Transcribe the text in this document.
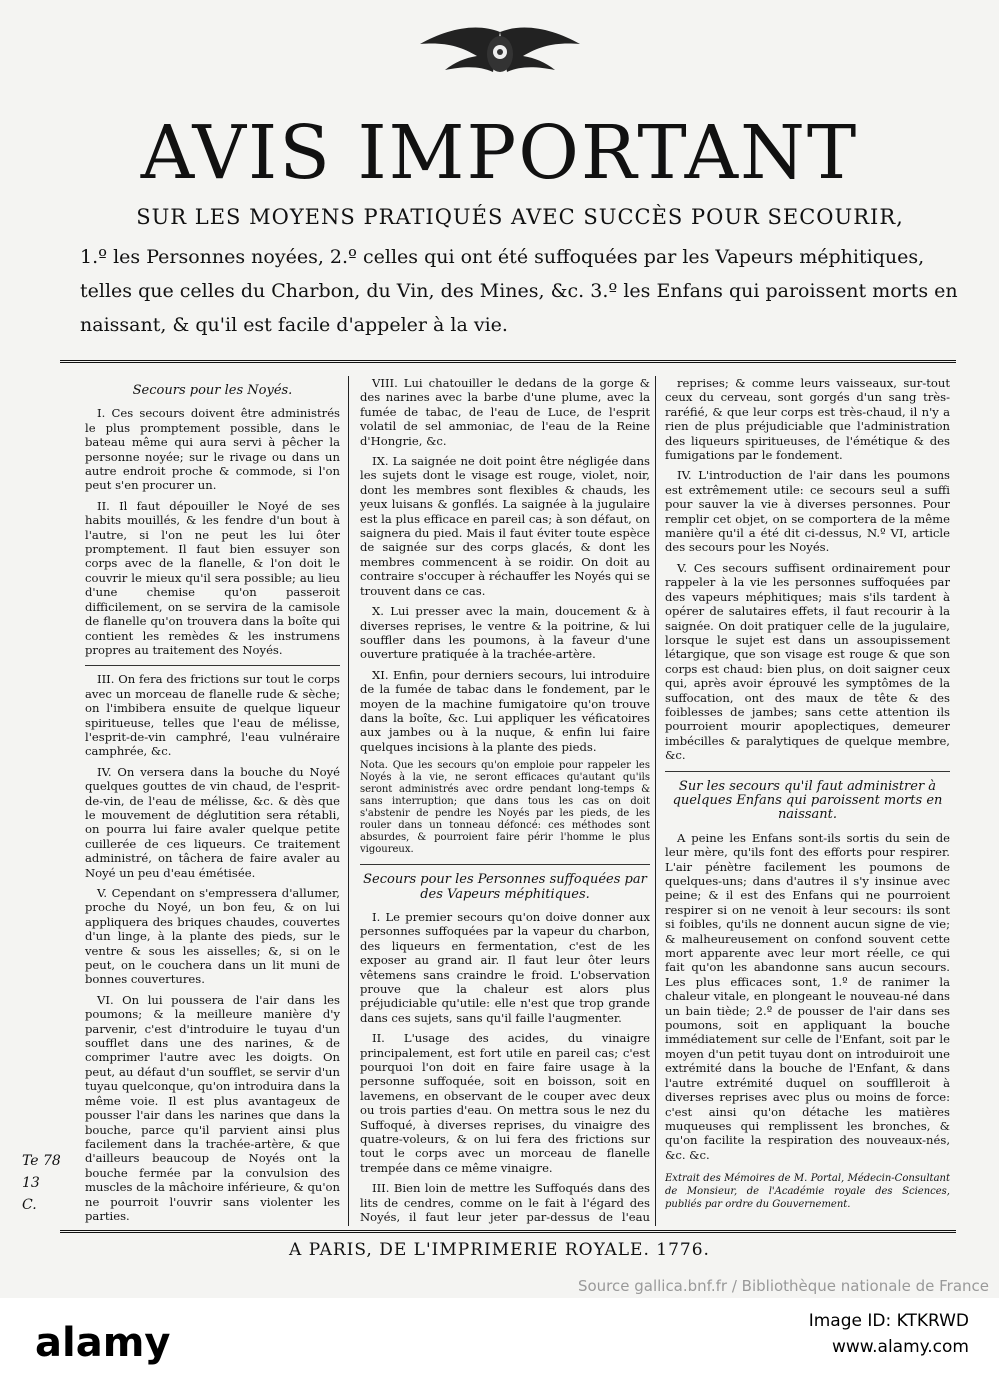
AVIS IMPORTANT
SUR LES MOYENS PRATIQUÉS AVEC SUCCÈS POUR SECOURIR,
1.º les Personnes noyées, 2.º celles qui ont été suffoquées par les Vapeurs méphitiques, telles que celles du Charbon, du Vin, des Mines, &c. 3.º les Enfans qui paroissent morts en naissant, & qu'il est facile d'appeler à la vie.
Secours pour les Noyés.

I. Ces secours doivent être administrés le plus promptement possible, dans le bateau même qui aura servi à pêcher la personne noyée; sur le rivage ou dans un autre endroit proche & commode, si l'on peut s'en procurer un.

II. Il faut dépouiller le Noyé de ses habits mouillés, & les fendre d'un bout à l'autre, si l'on ne peut les lui ôter promptement. Il faut bien essuyer son corps avec de la flanelle, & l'on doit le couvrir le mieux qu'il sera possible; au lieu d'une chemise qu'on passeroit difficilement, on se servira de la camisole de flanelle qu'on trouvera dans la boîte qui contient les remèdes & les instrumens propres au traitement des Noyés.

III. On fera des frictions sur tout le corps avec un morceau de flanelle rude & sèche; on l'imbibera ensuite de quelque liqueur spiritueuse, telles que l'eau de mélisse, l'esprit-de-vin camphré, l'eau vulnéraire camphrée, &c.

IV. On versera dans la bouche du Noyé quelques gouttes de vin chaud, de l'esprit-de-vin, de l'eau de mélisse, &c. & dès que le mouvement de déglutition sera rétabli, on pourra lui faire avaler quelque petite cuillerée de ces liqueurs. Ce traitement administré, on tâchera de faire avaler au Noyé un peu d'eau émétisée.

V. Cependant on s'empressera d'allumer, proche du Noyé, un bon feu, & on lui appliquera des briques chaudes, couvertes d'un linge, à la plante des pieds, sur le ventre & sous les aisselles; &, si on le peut, on le couchera dans un lit muni de bonnes couvertures.

VI. On lui poussera de l'air dans les poumons; & la meilleure manière d'y parvenir, c'est d'introduire le tuyau d'un soufflet dans une des narines, & de comprimer l'autre avec les doigts. On peut, au défaut d'un soufflet, se servir d'un tuyau quelconque, qu'on introduira dans la même voie. Il est plus avantageux de pousser l'air dans les narines que dans la bouche, parce qu'il parvient ainsi plus facilement dans la trachée-artère, & que d'ailleurs beaucoup de Noyés ont la bouche fermée par la convulsion des muscles de la mâchoire inférieure, & qu'on ne pourroit l'ouvrir sans violenter les parties.

VIII. Lui chatouiller le dedans de la gorge & des narines avec la barbe d'une plume, avec la fumée de tabac, de l'eau de Luce, de l'esprit volatil de sel ammoniac, de l'eau de la Reine d'Hongrie, &c.

IX. La saignée ne doit point être négligée dans les sujets dont le visage est rouge, violet, noir, dont les membres sont flexibles & chauds, les yeux luisans & gonflés. La saignée à la jugulaire est la plus efficace en pareil cas; à son défaut, on saignera du pied. Mais il faut éviter toute espèce de saignée sur des corps glacés, & dont les membres commencent à se roidir. On doit au contraire s'occuper à réchauffer les Noyés qui se trouvent dans ce cas.

X. Lui presser avec la main, doucement & à diverses reprises, le ventre & la poitrine, & lui souffler dans les poumons, à la faveur d'une ouverture pratiquée à la trachée-artère.

XI. Enfin, pour derniers secours, lui introduire de la fumée de tabac dans le fondement, par le moyen de la machine fumigatoire qu'on trouve dans la boîte, &c. Lui appliquer les véficatoires aux jambes ou à la nuque, & enfin lui faire quelques incisions à la plante des pieds.

Nota. Que les secours qu'on emploie pour rappeler les Noyés à la vie, ne seront efficaces qu'autant qu'ils seront administrés avec ordre pendant long-temps & sans interruption; que dans tous les cas on doit s'abstenir de pendre les Noyés par les pieds, de les rouler dans un tonneau défoncé: ces méthodes sont absurdes, & pourroient faire périr l'homme le plus vigoureux.

Secours pour les Personnes suffoquées par des Vapeurs méphitiques.

I. Le premier secours qu'on doive donner aux personnes suffoquées par la vapeur du charbon, des liqueurs en fermentation, c'est de les exposer au grand air. Il faut leur ôter leurs vêtemens sans craindre le froid. L'observation prouve que la chaleur est alors plus préjudiciable qu'utile: elle n'est que trop grande dans ces sujets, sans qu'il faille l'augmenter.

II. L'usage des acides, du vinaigre principalement, est fort utile en pareil cas; c'est pourquoi l'on doit en faire faire usage à la personne suffoquée, soit en boisson, soit en lavemens, en observant de le couper avec deux ou trois parties d'eau. On mettra sous le nez du Suffoqué, à diverses reprises, du vinaigre des quatre-voleurs, & on lui fera des frictions sur tout le corps avec un morceau de flanelle trempée dans ce même vinaigre.

III. Bien loin de mettre les Suffoqués dans des lits de cendres, comme on le fait à l'égard des Noyés, il faut leur jeter par-dessus de l'eau

reprises; & comme leurs vaisseaux, sur-tout ceux du cerveau, sont gorgés d'un sang très-raréfié, & que leur corps est très-chaud, il n'y a rien de plus préjudiciable que l'administration des liqueurs spiritueuses, de l'émétique & des fumigations par le fondement.

IV. L'introduction de l'air dans les poumons est extrêmement utile: ce secours seul a suffi pour sauver la vie à diverses personnes. Pour remplir cet objet, on se comportera de la même manière qu'il a été dit ci-dessus, N.º VI, article des secours pour les Noyés.

V. Ces secours suffisent ordinairement pour rappeler à la vie les personnes suffoquées par des vapeurs méphitiques; mais s'ils tardent à opérer de salutaires effets, il faut recourir à la saignée. On doit pratiquer celle de la jugulaire, lorsque le sujet est dans un assoupissement létargique, que son visage est rouge & que son corps est chaud: bien plus, on doit saigner ceux qui, après avoir éprouvé les symptômes de la suffocation, ont des maux de tête & des foiblesses de jambes; sans cette attention ils pourroient mourir apoplectiques, demeurer imbécilles & paralytiques de quelque membre, &c.

Sur les secours qu'il faut administrer à quelques Enfans qui paroissent morts en naissant.

A peine les Enfans sont-ils sortis du sein de leur mère, qu'ils font des efforts pour respirer. L'air pénètre facilement les poumons de quelques-uns; dans d'autres il s'y insinue avec peine; & il est des Enfans qui ne pourroient respirer si on ne venoit à leur secours: ils sont si foibles, qu'ils ne donnent aucun signe de vie; & malheureusement on confond souvent cette mort apparente avec leur mort réelle, ce qui fait qu'on les abandonne sans aucun secours. Les plus efficaces sont, 1.º de ranimer la chaleur vitale, en plongeant le nouveau-né dans un bain tiède; 2.º de pousser de l'air dans ses poumons, soit en appliquant la bouche immédiatement sur celle de l'Enfant, soit par le moyen d'un petit tuyau dont on introduiroit une extrémité dans la bouche de l'Enfant, & dans l'autre extrémité duquel on soufflleroit à diverses reprises avec plus ou moins de force: c'est ainsi qu'on détache les matières muqueuses qui remplissent les bronches, & qu'on facilite la respiration des nouveaux-nés, &c. &c.

Extrait des Mémoires de M. Portal, Médecin-Consultant de Monsieur, de l'Académie royale des Sciences, publiés par ordre du Gouvernement.

Te 78
13
C.
A PARIS, DE L'IMPRIMERIE ROYALE. 1776.
Source gallica.bnf.fr / Bibliothèque nationale de France
alamy	Image ID: KTKRWD
www.alamy.com
